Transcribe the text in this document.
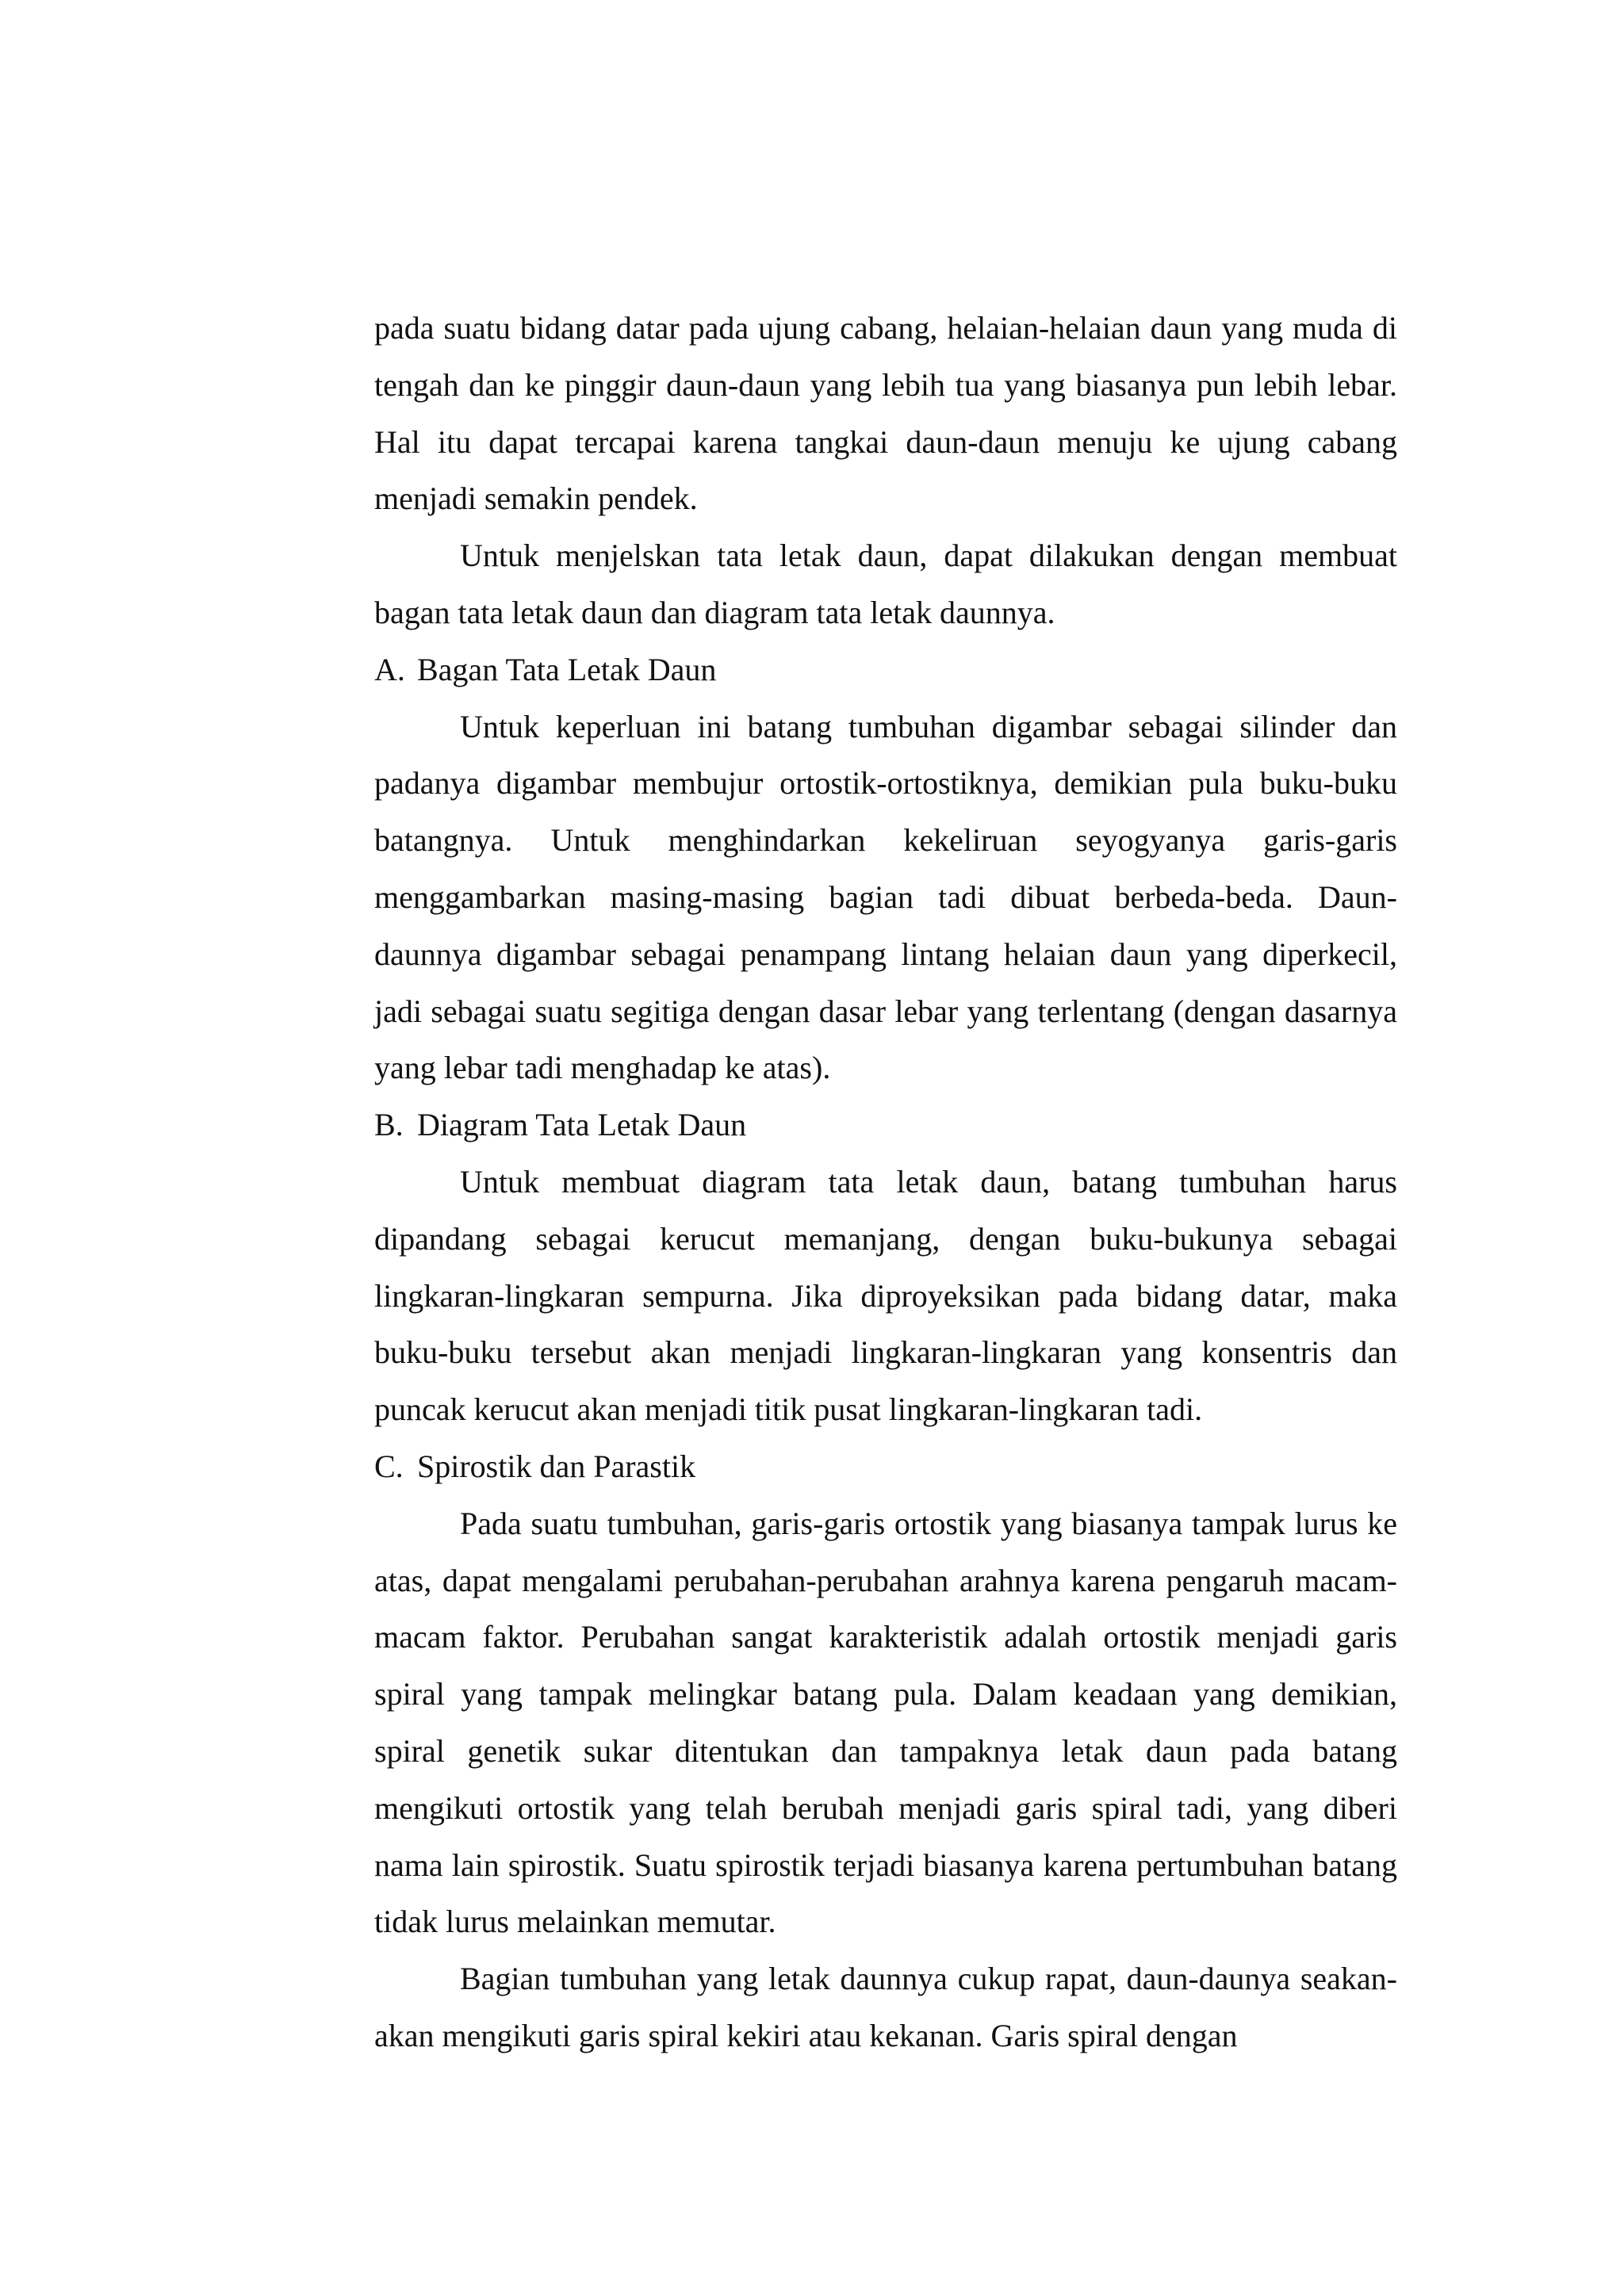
pada suatu bidang datar pada ujung cabang, helaian-helaian daun yang muda di tengah dan ke pinggir daun-daun yang lebih tua yang biasanya pun lebih lebar. Hal itu dapat tercapai karena tangkai daun-daun menuju ke ujung cabang menjadi semakin pendek.

Untuk menjelskan tata letak daun, dapat dilakukan dengan membuat bagan tata letak daun dan diagram tata letak daunnya.

A. Bagan Tata Letak Daun

Untuk keperluan ini batang tumbuhan digambar sebagai silinder dan padanya digambar membujur ortostik-ortostiknya, demikian pula buku-buku batangnya. Untuk menghindarkan kekeliruan seyogyanya garis-garis menggambarkan masing-masing bagian tadi dibuat berbeda-beda. Daun-daunnya digambar sebagai penampang lintang helaian daun yang diperkecil, jadi sebagai suatu segitiga dengan dasar lebar yang terlentang (dengan dasarnya yang lebar tadi menghadap ke atas).

B. Diagram Tata Letak Daun

Untuk membuat diagram tata letak daun, batang tumbuhan harus dipandang sebagai kerucut memanjang, dengan buku-bukunya sebagai lingkaran-lingkaran sempurna. Jika diproyeksikan pada bidang datar, maka buku-buku tersebut akan menjadi lingkaran-lingkaran yang konsentris dan puncak kerucut akan menjadi titik pusat lingkaran-lingkaran tadi.

C. Spirostik dan Parastik

Pada suatu tumbuhan, garis-garis ortostik yang biasanya tampak lurus ke atas, dapat mengalami perubahan-perubahan arahnya karena pengaruh macam-macam faktor. Perubahan sangat karakteristik adalah ortostik menjadi garis spiral yang tampak melingkar batang pula. Dalam keadaan yang demikian, spiral genetik sukar ditentukan dan tampaknya letak daun pada batang mengikuti ortostik yang telah berubah menjadi garis spiral tadi, yang diberi nama lain spirostik. Suatu spirostik terjadi biasanya karena pertumbuhan batang tidak lurus melainkan memutar.

Bagian tumbuhan yang letak daunnya cukup rapat, daun-daunya seakan-akan mengikuti garis spiral kekiri atau kekanan. Garis spiral dengan
